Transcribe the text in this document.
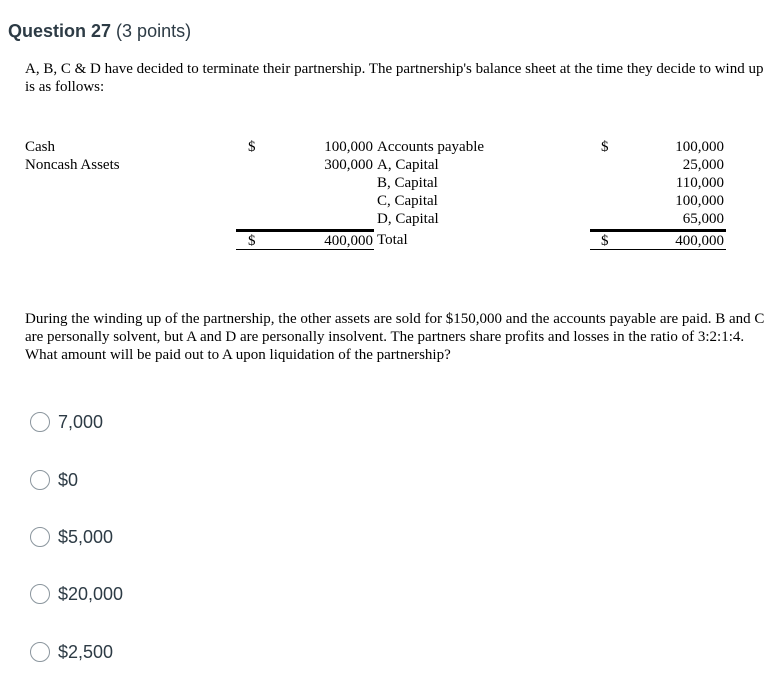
Question 27 (3 points)
A, B, C & D have decided to terminate their partnership. The partnership's balance sheet at the time they decide to wind up is as follows:
Cash
Noncash Assets
$
$
100,000
300,000
400,000
Accounts payable
A, Capital
B, Capital
C, Capital
D, Capital
Total
$
$
100,000
25,000
110,000
100,000
65,000
400,000
During the winding up of the partnership, the other assets are sold for $150,000 and the accounts payable are paid. B and C are personally solvent, but A and D are personally insolvent. The partners share profits and losses in the ratio of 3:2:1:4. What amount will be paid out to A upon liquidation of the partnership?
7,000
$0
$5,000
$20,000
$2,500
